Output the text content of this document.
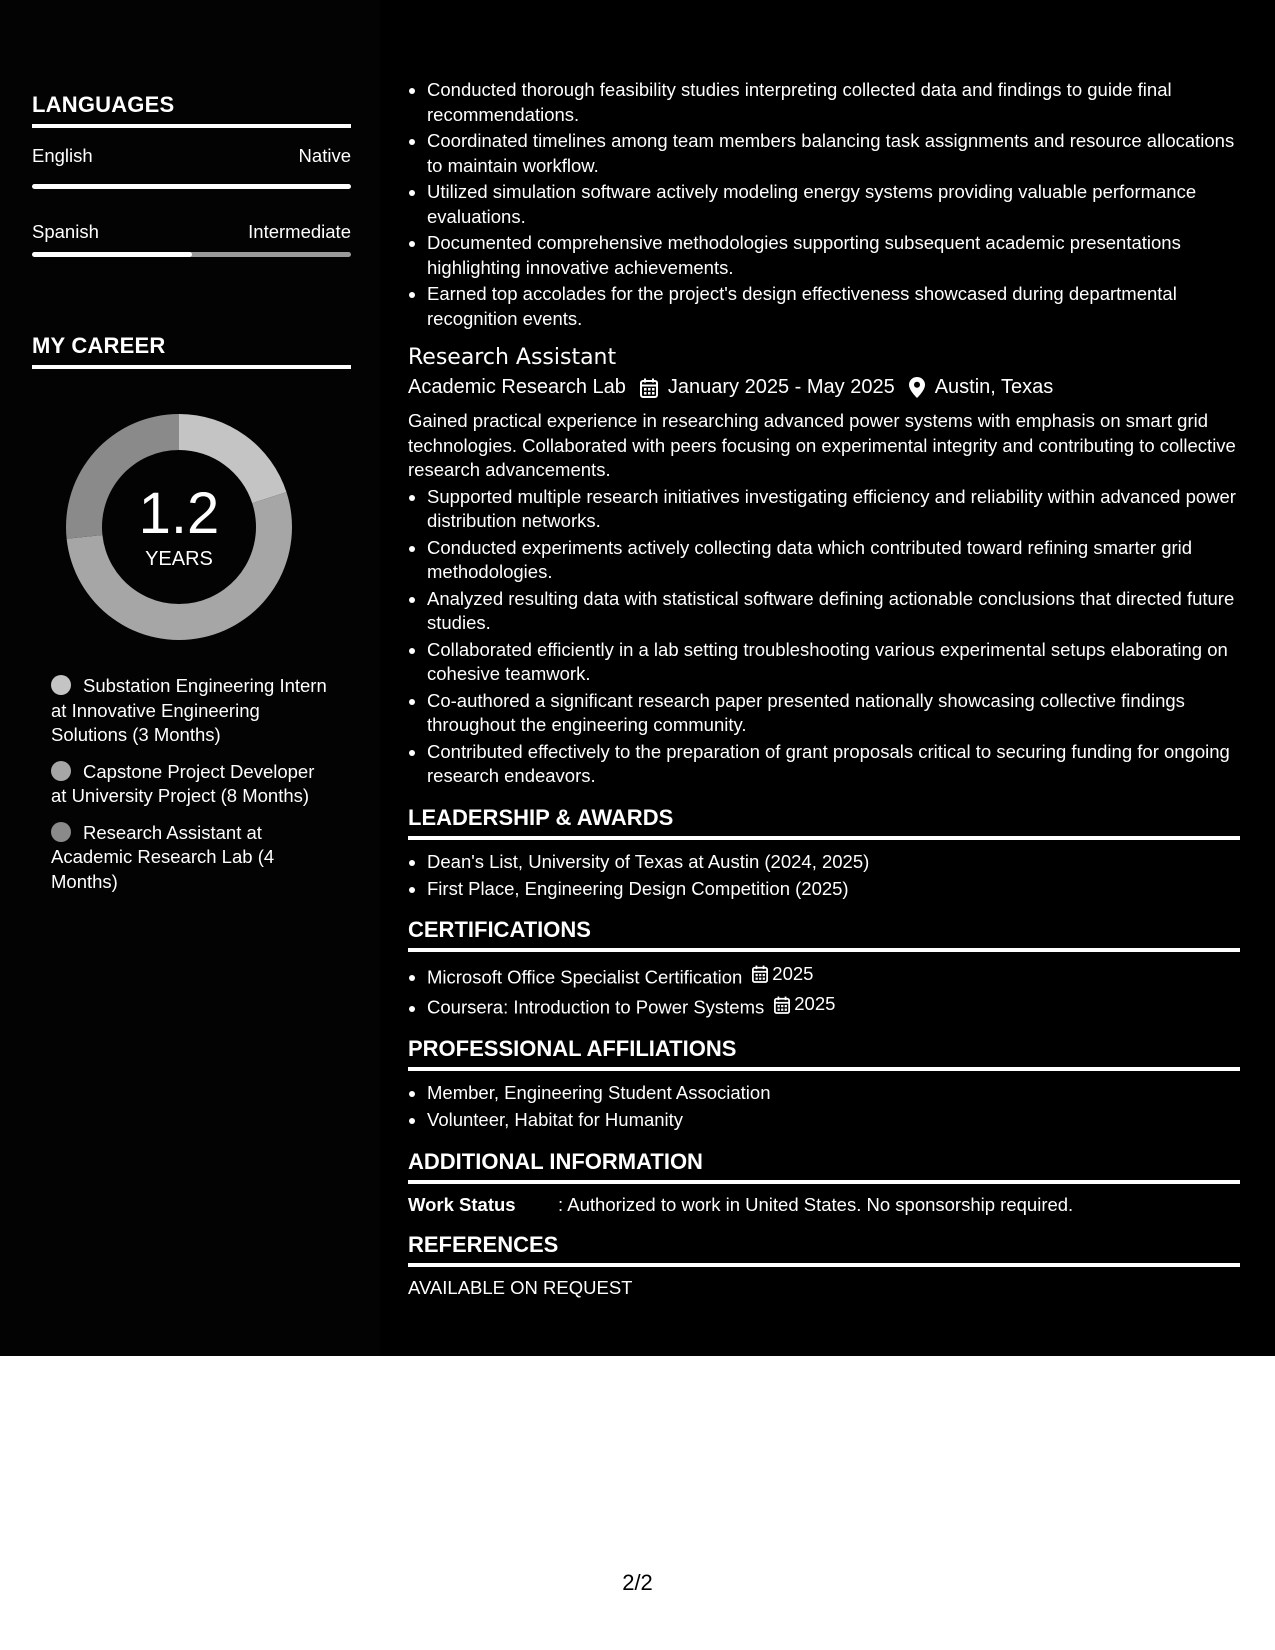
LANGUAGES
English	Native
Spanish	Intermediate
MY CAREER
1.2
YEARS
Substation Engineering Intern at Innovative Engineering Solutions (3 Months)
Capstone Project Developer at University Project (8 Months)
Research Assistant at Academic Research Lab (4 Months)
• Conducted thorough feasibility studies interpreting collected data and findings to guide final recommendations.
• Coordinated timelines among team members balancing task assignments and resource allocations to maintain workflow.
• Utilized simulation software actively modeling energy systems providing valuable performance evaluations.
• Documented comprehensive methodologies supporting subsequent academic presentations highlighting innovative achievements.
• Earned top accolades for the project's design effectiveness showcased during departmental recognition events.
Research Assistant
Academic Research Lab January 2025 - May 2025 Austin, Texas
Gained practical experience in researching advanced power systems with emphasis on smart grid technologies. Collaborated with peers focusing on experimental integrity and contributing to collective research advancements.
• Supported multiple research initiatives investigating efficiency and reliability within advanced power distribution networks.
• Conducted experiments actively collecting data which contributed toward refining smarter grid methodologies.
• Analyzed resulting data with statistical software defining actionable conclusions that directed future studies.
• Collaborated efficiently in a lab setting troubleshooting various experimental setups elaborating on cohesive teamwork.
• Co-authored a significant research paper presented nationally showcasing collective findings throughout the engineering community.
• Contributed effectively to the preparation of grant proposals critical to securing funding for ongoing research endeavors.
LEADERSHIP & AWARDS
• Dean's List, University of Texas at Austin (2024, 2025)
• First Place, Engineering Design Competition (2025)
CERTIFICATIONS
• Microsoft Office Specialist Certification 2025
• Coursera: Introduction to Power Systems 2025
PROFESSIONAL AFFILIATIONS
• Member, Engineering Student Association
• Volunteer, Habitat for Humanity
ADDITIONAL INFORMATION
Work Status	: Authorized to work in United States. No sponsorship required.
REFERENCES
AVAILABLE ON REQUEST
2/2
